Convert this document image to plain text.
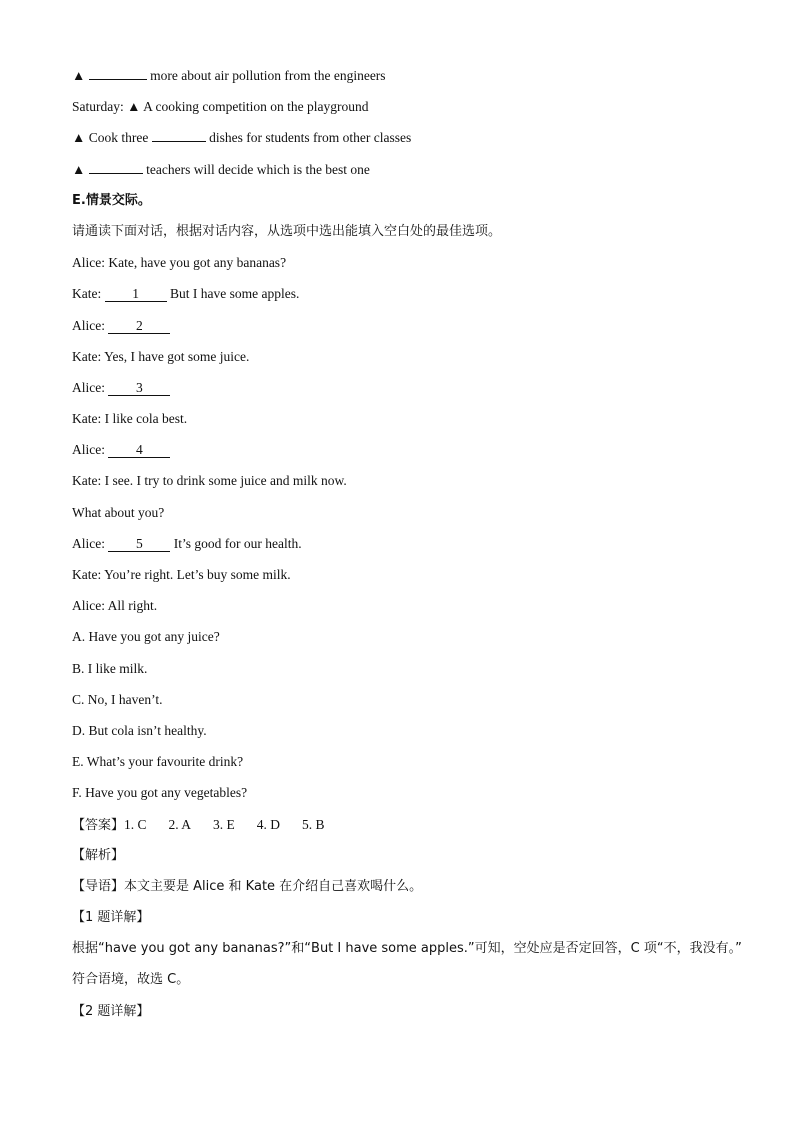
▲	more about air pollution from the engineers
Saturday: ▲ A cooking competition on the playground
▲ Cook three	dishes for students from other classes
▲	teachers will decide which is the best one
E.情景交际。
请通读下面对话，根据对话内容，从选项中选出能填入空白处的最佳选项。
Alice: Kate, have you got any bananas?
Kate: 1 But I have some apples.
Alice: 2
Kate: Yes, I have got some juice.
Alice: 3
Kate: I like cola best.
Alice: 4
Kate: I see. I try to drink some juice and milk now.
What about you?
Alice: 5 It’s good for our health.
Kate: You’re right. Let’s buy some milk.
Alice: All right.
A. Have you got any juice?
B. I like milk.
C. No, I haven’t.
D. But cola isn’t healthy.
E. What’s your favourite drink?
F. Have you got any vegetables?
【答案】1. C 2. A 3. E 4. D 5. B
【解析】
【导语】本文主要是 Alice 和 Kate 在介绍自己喜欢喝什么。
【1 题详解】
根据“have you got any bananas?”和“But I have some apples.”可知，空处应是否定回答，C 项“不，我没有。”
符合语境，故选 C。
【2 题详解】
